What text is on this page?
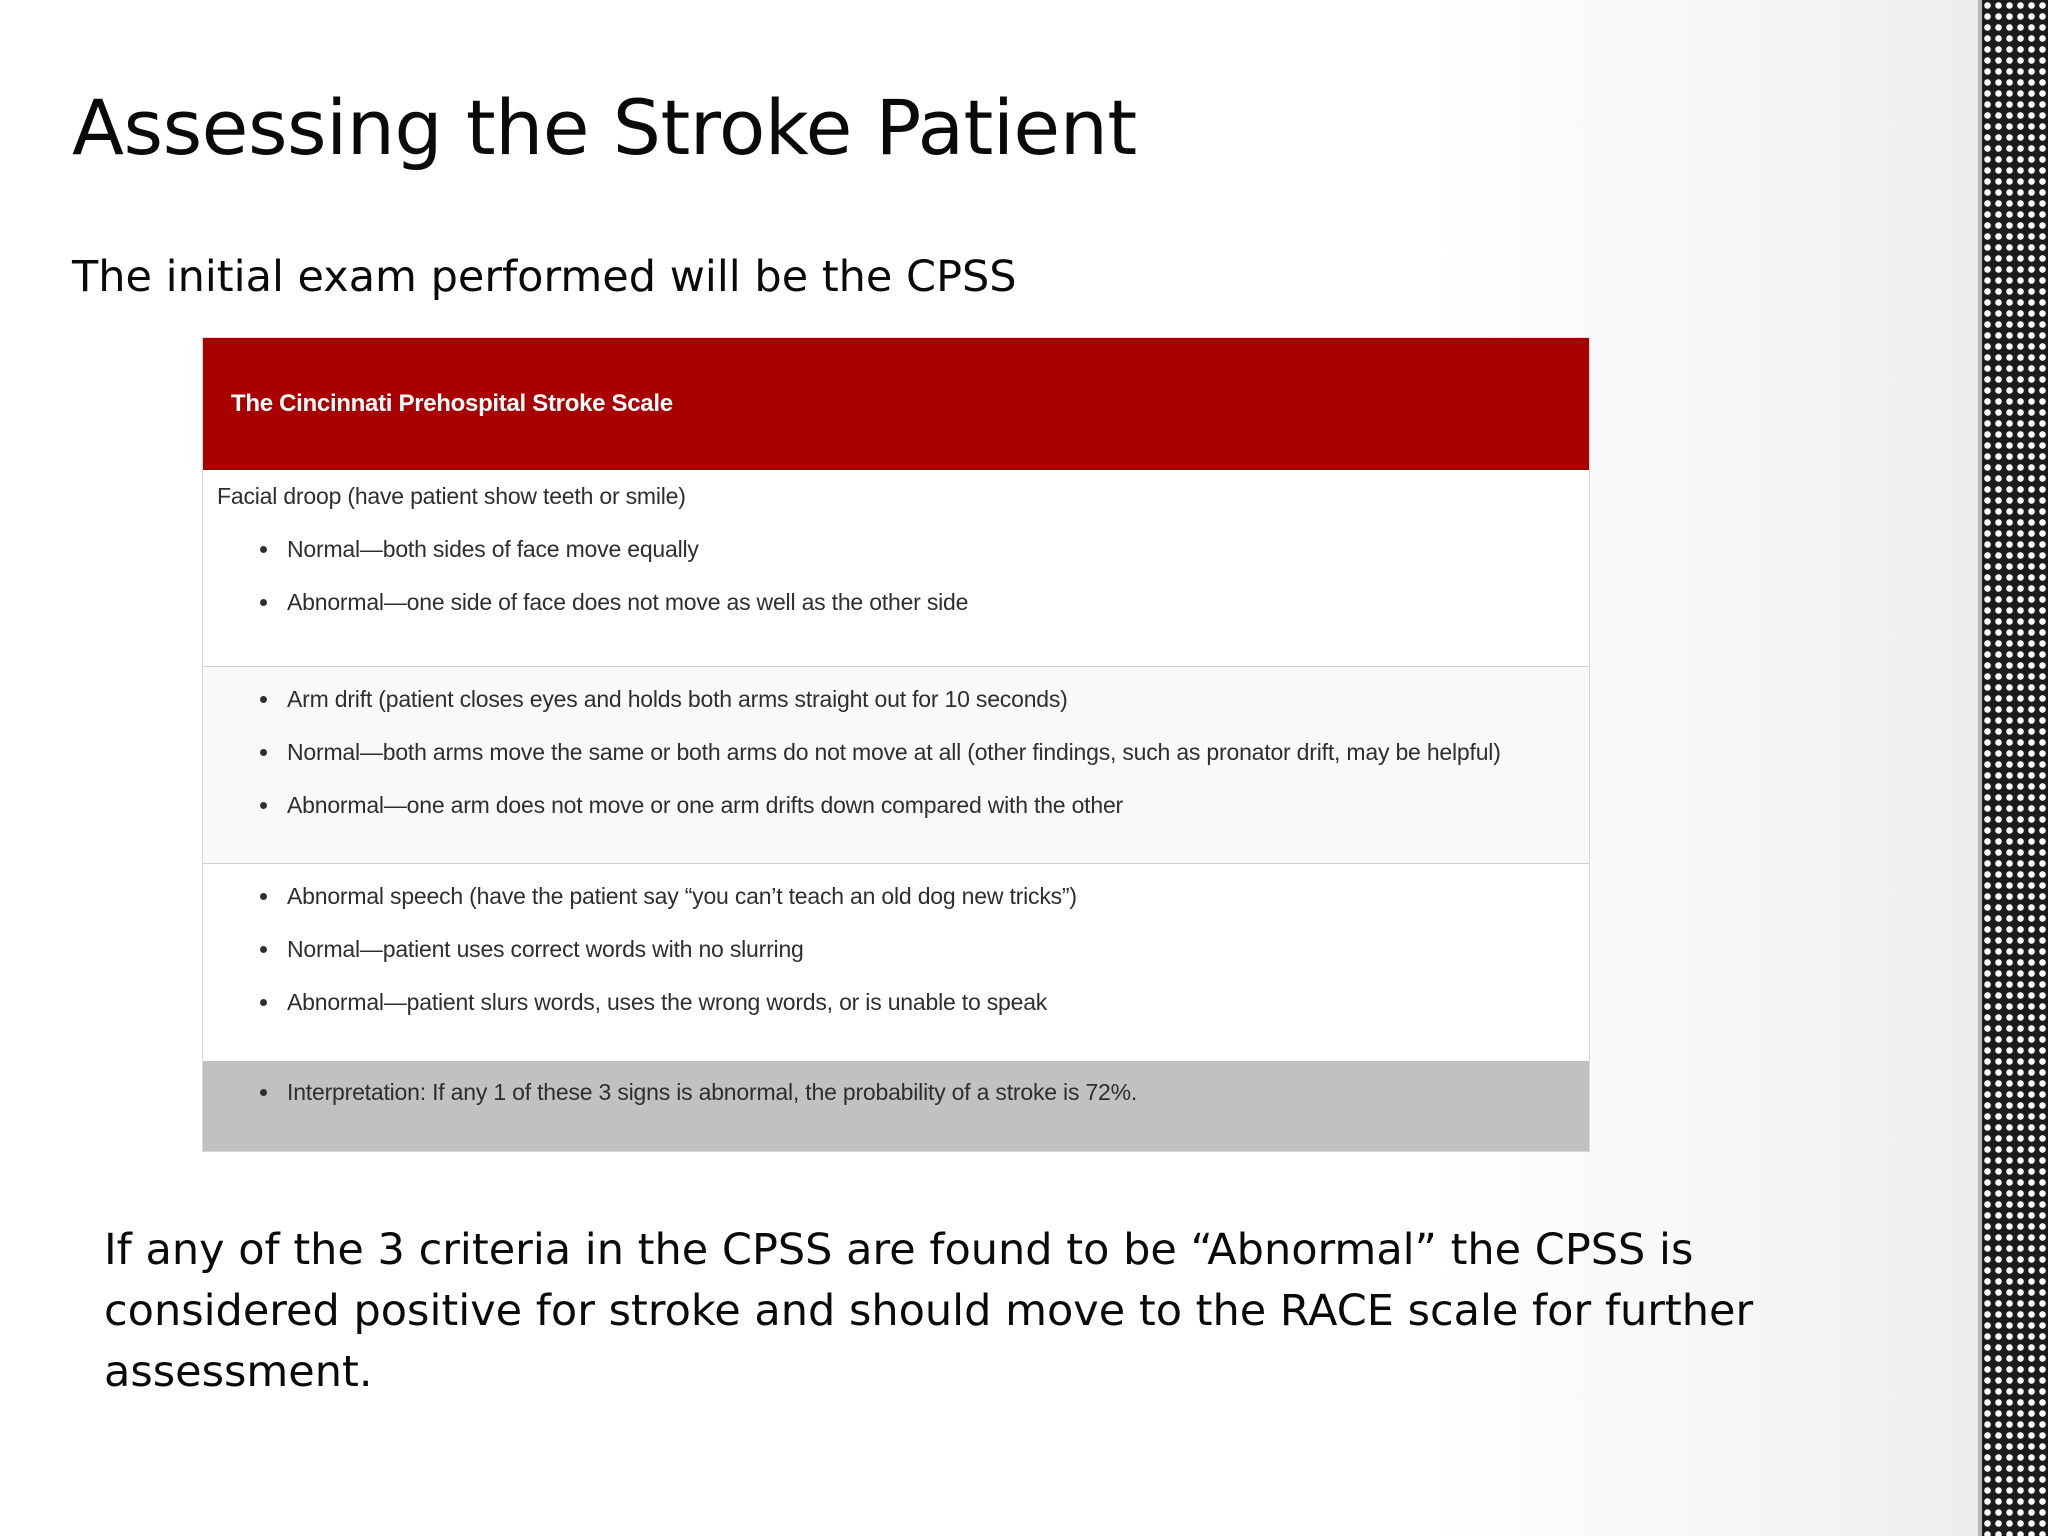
Assessing the Stroke Patient

The initial exam performed will be the CPSS

The Cincinnati Prehospital Stroke Scale
Facial droop (have patient show teeth or smile)
Normal—both sides of face move equally
Abnormal—one side of face does not move as well as the other side
Arm drift (patient closes eyes and holds both arms straight out for 10 seconds)
Normal—both arms move the same or both arms do not move at all (other findings, such as pronator drift, may be helpful)
Abnormal—one arm does not move or one arm drifts down compared with the other
Abnormal speech (have the patient say “you can’t teach an old dog new tricks”)
Normal—patient uses correct words with no slurring
Abnormal—patient slurs words, uses the wrong words, or is unable to speak
Interpretation: If any 1 of these 3 signs is abnormal, the probability of a stroke is 72%.

If any of the 3 criteria in the CPSS are found to be “Abnormal” the CPSS is considered positive for stroke and should move to the RACE scale for further assessment.
